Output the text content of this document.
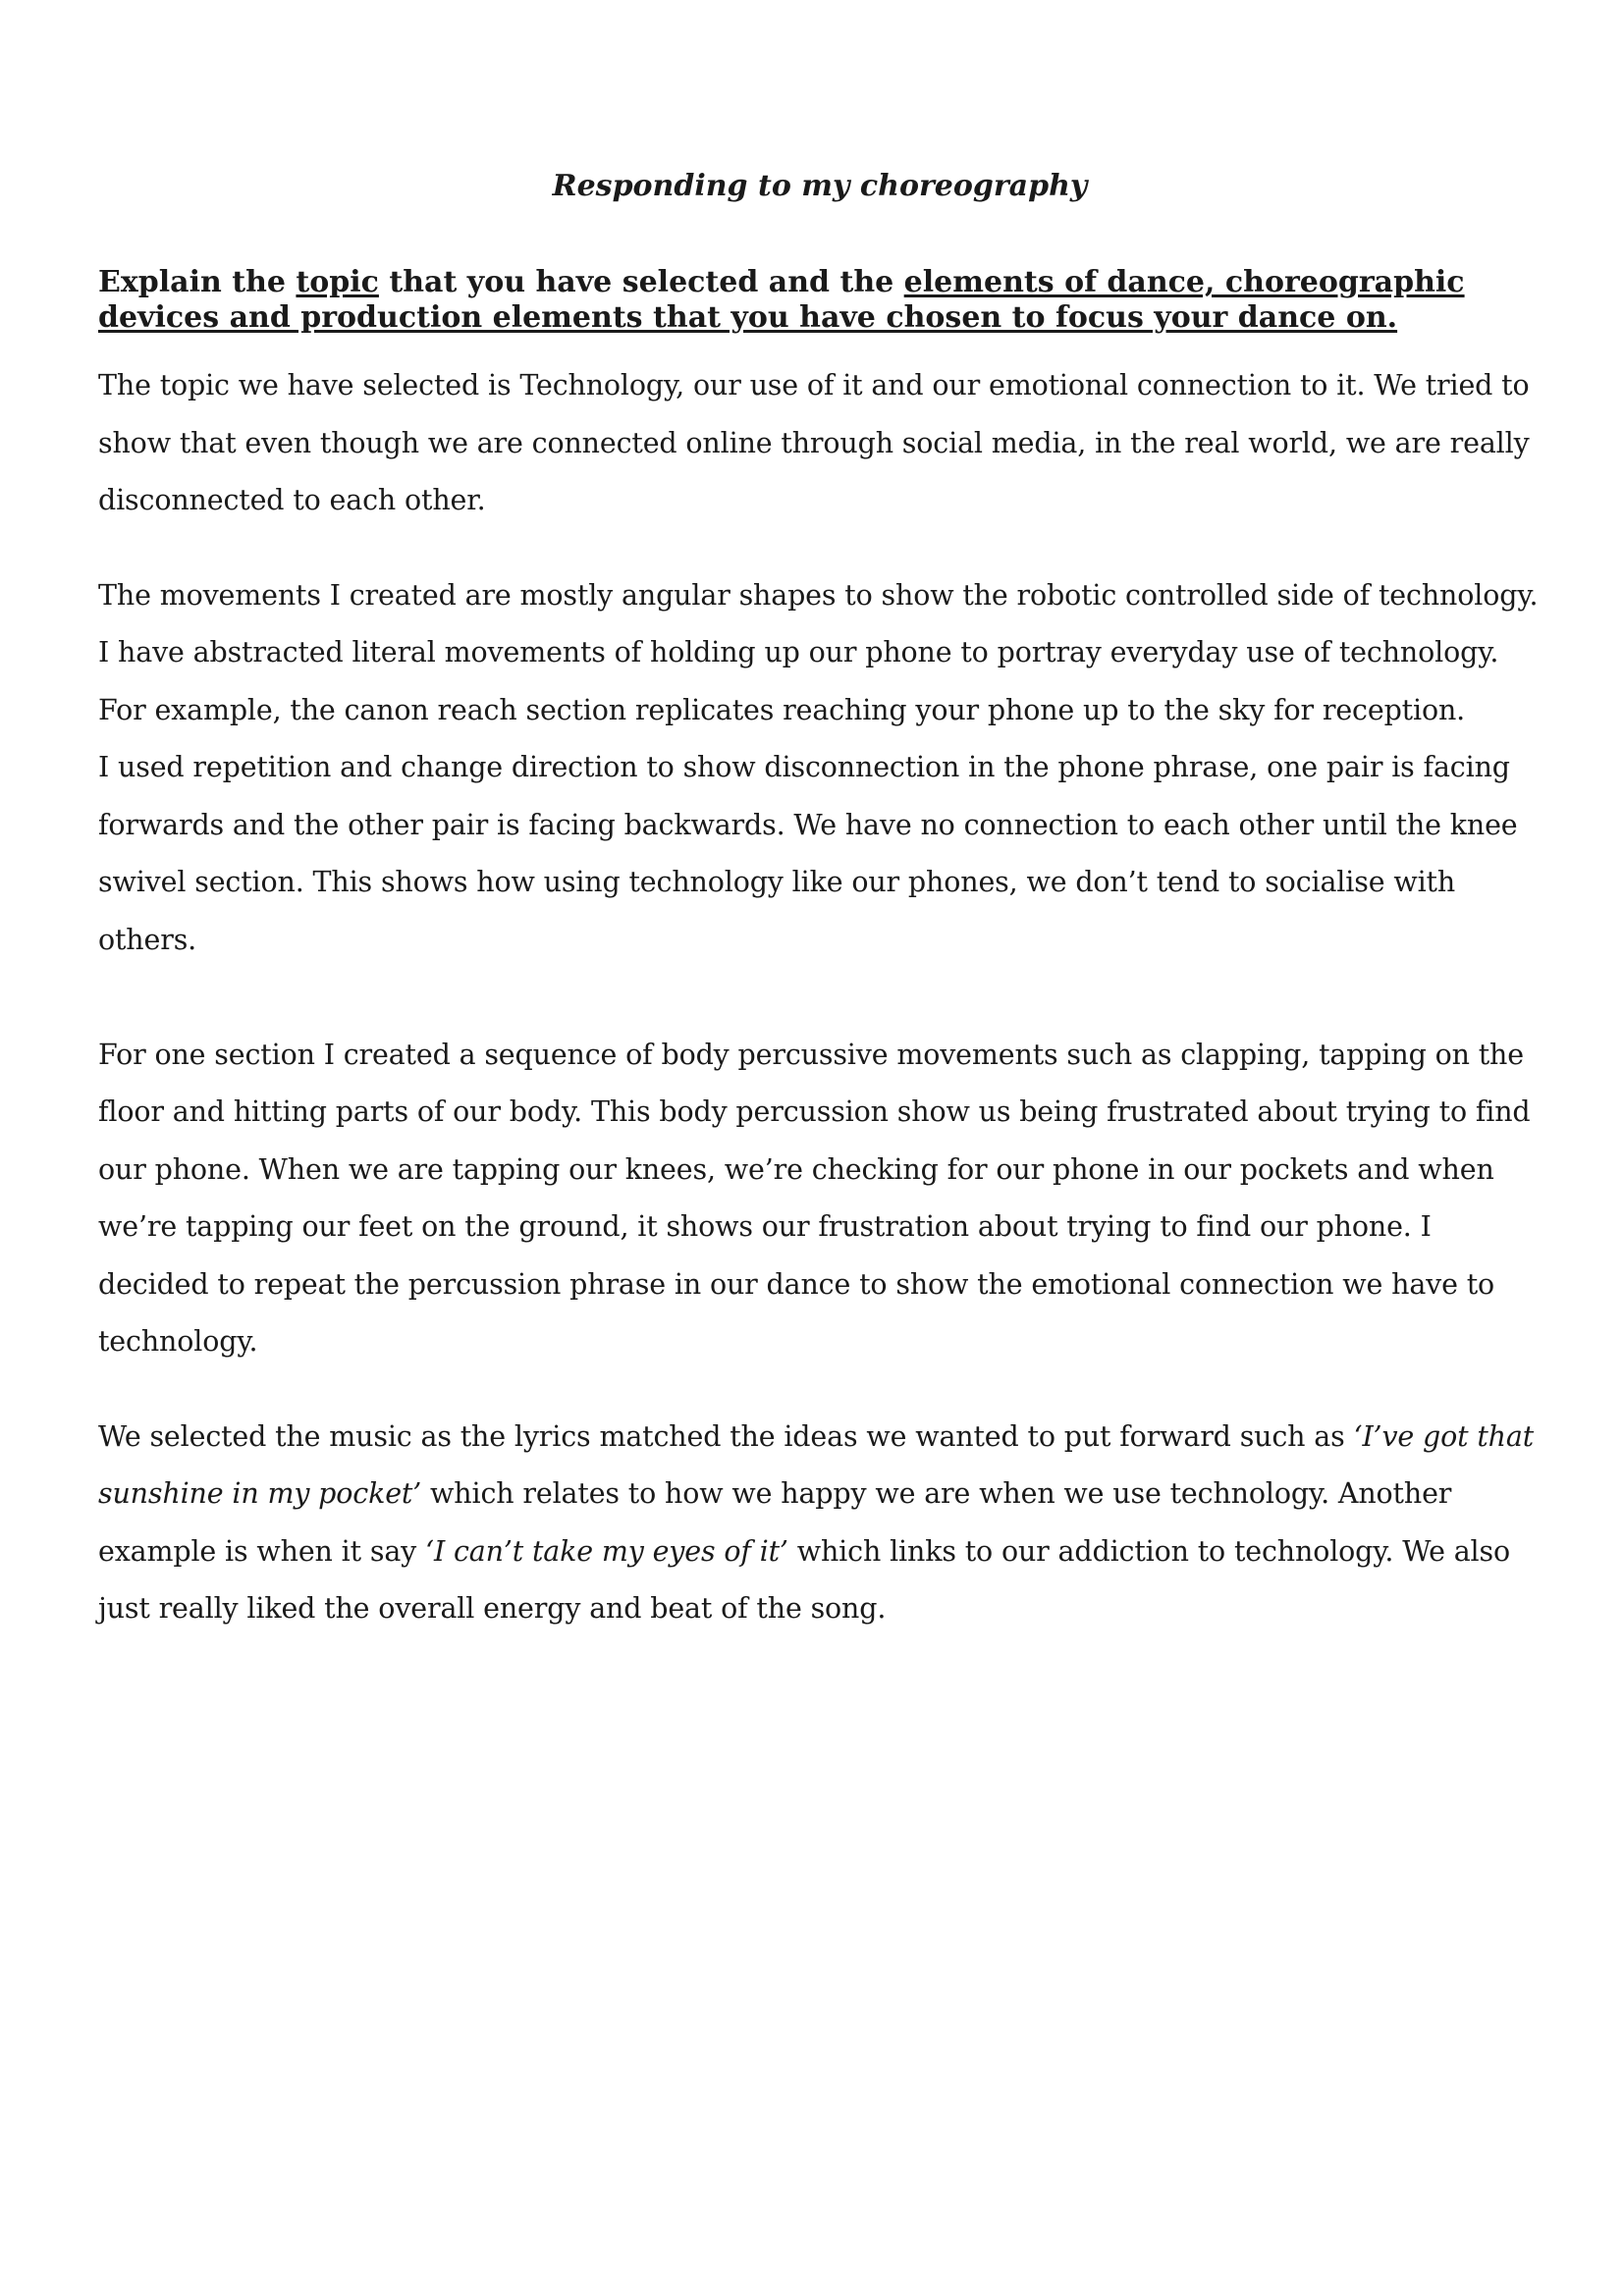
Responding to my choreography
Explain the topic that you have selected and the elements of dance, choreographic devices and production elements that you have chosen to focus your dance on.

The topic we have selected is Technology, our use of it and our emotional connection to it. We tried to show that even though we are connected online through social media, in the real world, we are really disconnected to each other.

The movements I created are mostly angular shapes to show the robotic controlled side of technology. I have abstracted literal movements of holding up our phone to portray everyday use of technology. For example, the canon reach section replicates reaching your phone up to the sky for reception.
I used repetition and change direction to show disconnection in the phone phrase, one pair is facing forwards and the other pair is facing backwards. We have no connection to each other until the knee swivel section. This shows how using technology like our phones, we don’t tend to socialise with others.

For one section I created a sequence of body percussive movements such as clapping, tapping on the floor and hitting parts of our body. This body percussion show us being frustrated about trying to find our phone. When we are tapping our knees, we’re checking for our phone in our pockets and when we’re tapping our feet on the ground, it shows our frustration about trying to find our phone. I decided to repeat the percussion phrase in our dance to show the emotional connection we have to technology.

We selected the music as the lyrics matched the ideas we wanted to put forward such as ‘I’ve got that sunshine in my pocket’ which relates to how we happy we are when we use technology. Another example is when it say ‘I can’t take my eyes of it’ which links to our addiction to technology. We also just really liked the overall energy and beat of the song.
